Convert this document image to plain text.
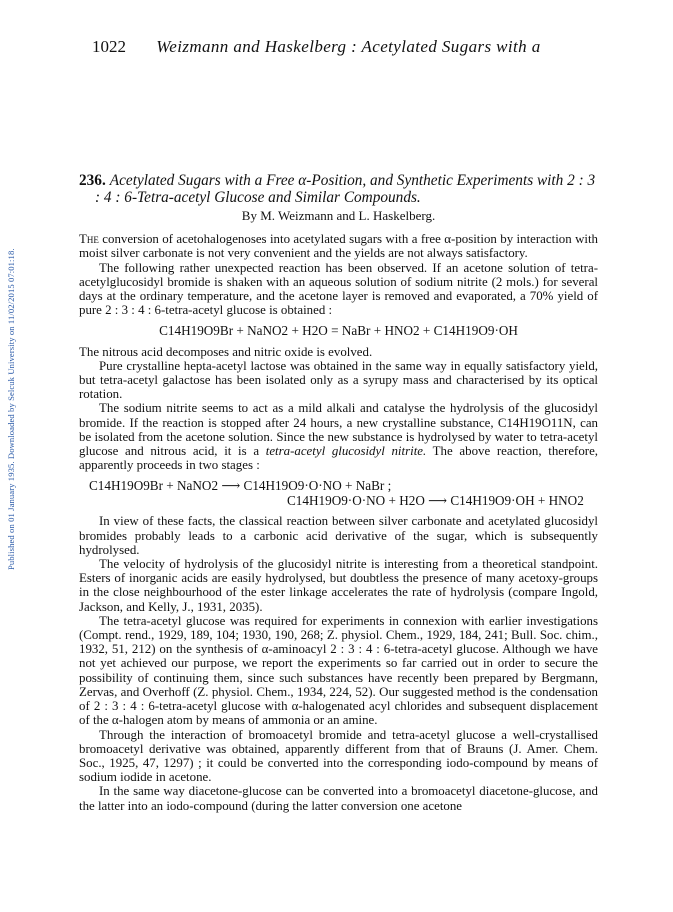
Published on 01 January 1935. Downloaded by Selcuk University on 11/02/2015 07:01:18.
1022 Weizmann and Haskelberg : Acetylated Sugars with a
236. Acetylated Sugars with a Free α-Position, and Synthetic Experiments with 2 : 3 : 4 : 6-Tetra-acetyl Glucose and Similar Compounds.
By M. Weizmann and L. Haskelberg.

The conversion of acetohalogenoses into acetylated sugars with a free α-position by interaction with moist silver carbonate is not very convenient and the yields are not always satisfactory.

The following rather unexpected reaction has been observed. If an acetone solution of tetra-acetylglucosidyl bromide is shaken with an aqueous solution of sodium nitrite (2 mols.) for several days at the ordinary temperature, and the acetone layer is removed and evaporated, a 70% yield of pure 2 : 3 : 4 : 6-tetra-acetyl glucose is obtained :

C14H19O9Br + NaNO2 + H2O = NaBr + HNO2 + C14H19O9·OH

The nitrous acid decomposes and nitric oxide is evolved.

Pure crystalline hepta-acetyl lactose was obtained in the same way in equally satisfactory yield, but tetra-acetyl galactose has been isolated only as a syrupy mass and characterised by its optical rotation.

The sodium nitrite seems to act as a mild alkali and catalyse the hydrolysis of the glucosidyl bromide. If the reaction is stopped after 24 hours, a new crystalline substance, C14H19O11N, can be isolated from the acetone solution. Since the new substance is hydrolysed by water to tetra-acetyl glucose and nitrous acid, it is a tetra-acetyl glucosidyl nitrite. The above reaction, therefore, apparently proceeds in two stages :

C14H19O9Br + NaNO2 ⟶ C14H19O9·O·NO + NaBr ;
C14H19O9·O·NO + H2O ⟶ C14H19O9·OH + HNO2

In view of these facts, the classical reaction between silver carbonate and acetylated glucosidyl bromides probably leads to a carbonic acid derivative of the sugar, which is subsequently hydrolysed.

The velocity of hydrolysis of the glucosidyl nitrite is interesting from a theoretical standpoint. Esters of inorganic acids are easily hydrolysed, but doubtless the presence of many acetoxy-groups in the close neighbourhood of the ester linkage accelerates the rate of hydrolysis (compare Ingold, Jackson, and Kelly, J., 1931, 2035).

The tetra-acetyl glucose was required for experiments in connexion with earlier investigations (Compt. rend., 1929, 189, 104; 1930, 190, 268; Z. physiol. Chem., 1929, 184, 241; Bull. Soc. chim., 1932, 51, 212) on the synthesis of α-aminoacyl 2 : 3 : 4 : 6-tetra-acetyl glucose. Although we have not yet achieved our purpose, we report the experiments so far carried out in order to secure the possibility of continuing them, since such substances have recently been prepared by Bergmann, Zervas, and Overhoff (Z. physiol. Chem., 1934, 224, 52). Our suggested method is the condensation of 2 : 3 : 4 : 6-tetra-acetyl glucose with α-halogenated acyl chlorides and subsequent displacement of the α-halogen atom by means of ammonia or an amine.

Through the interaction of bromoacetyl bromide and tetra-acetyl glucose a well-crystallised bromoacetyl derivative was obtained, apparently different from that of Brauns (J. Amer. Chem. Soc., 1925, 47, 1297) ; it could be converted into the corresponding iodo-compound by means of sodium iodide in acetone.

In the same way diacetone-glucose can be converted into a bromoacetyl diacetone-glucose, and the latter into an iodo-compound (during the latter conversion one acetone
